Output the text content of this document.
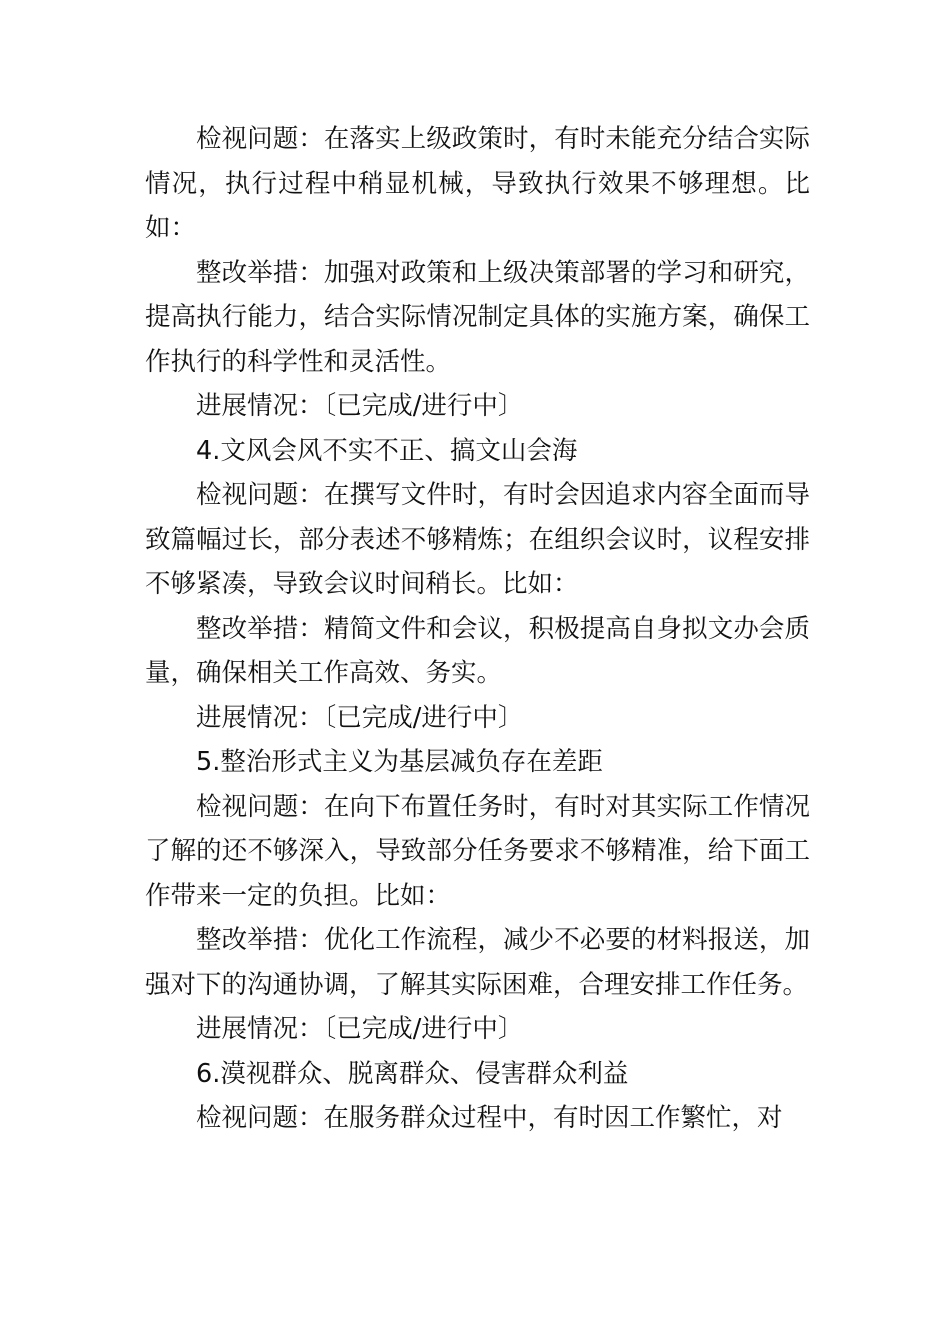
检视问题：在落实上级政策时，有时未能充分结合实际情况，执行过程中稍显机械，导致执行效果不够理想。比如：

整改举措：加强对政策和上级决策部署的学习和研究，提高执行能力，结合实际情况制定具体的实施方案，确保工作执行的科学性和灵活性。

进展情况：〔已完成/进行中〕

4.文风会风不实不正、搞文山会海

检视问题：在撰写文件时，有时会因追求内容全面而导致篇幅过长，部分表述不够精炼；在组织会议时，议程安排不够紧凑，导致会议时间稍长。比如：

整改举措：精简文件和会议，积极提高自身拟文办会质量，确保相关工作高效、务实。

进展情况：〔已完成/进行中〕

5.整治形式主义为基层减负存在差距

检视问题：在向下布置任务时，有时对其实际工作情况了解的还不够深入，导致部分任务要求不够精准，给下面工作带来一定的负担。比如：

整改举措：优化工作流程，减少不必要的材料报送，加强对下的沟通协调，了解其实际困难，合理安排工作任务。

进展情况：〔已完成/进行中〕

6.漠视群众、脱离群众、侵害群众利益

检视问题：在服务群众过程中，有时因工作繁忙，对
